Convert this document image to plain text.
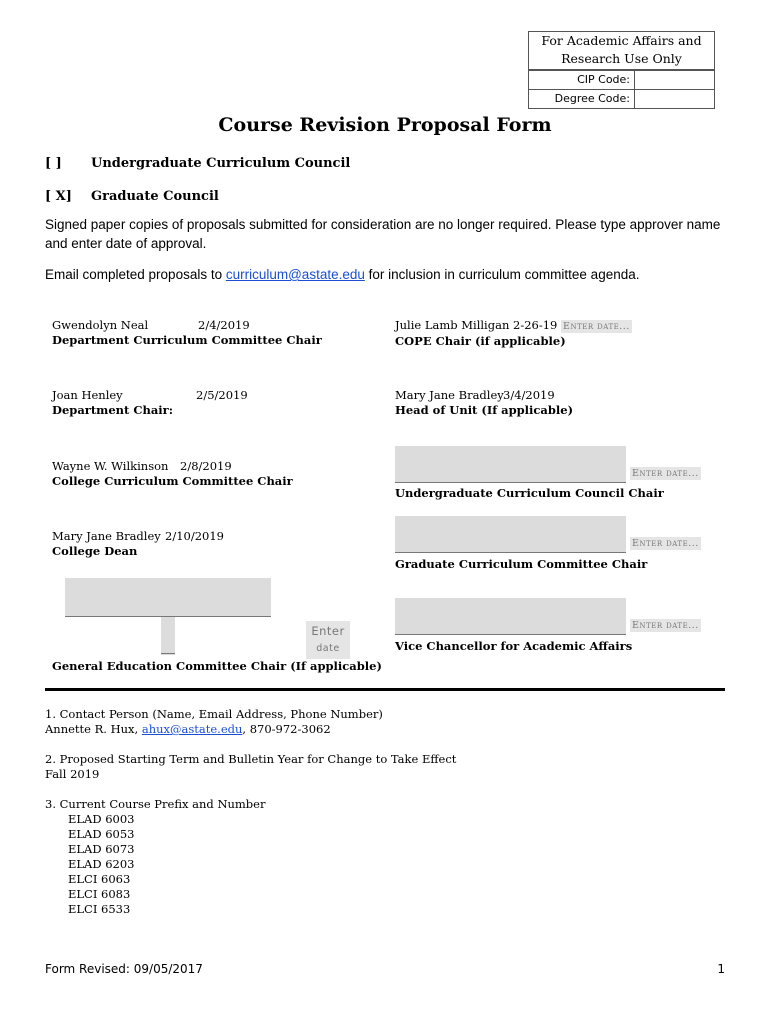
For Academic Affairs and
Research Use Only
CIP Code:
Degree Code:
Course Revision Proposal Form
[ ] Undergraduate Curriculum Council
[ X] Graduate Council
Signed paper copies of proposals submitted for consideration are no longer required. Please type approver name and enter date of approval.
Email completed proposals to curriculum@astate.edu for inclusion in curriculum committee agenda.
Gwendolyn Neal	2/4/2019
Department Curriculum Committee Chair
Joan Henley	2/5/2019
Department Chair:
Wayne W. Wilkinson 2/8/2019
College Curriculum Committee Chair
Mary Jane Bradley 2/10/2019
College Dean
Enter
date
General Education Committee Chair (If applicable)
Julie Lamb Milligan 2-26-19 Enter date...
COPE Chair (if applicable)
Mary Jane Bradley 3/4/2019
Head of Unit (If applicable)
Enter date...
Undergraduate Curriculum Council Chair
Enter date...
Graduate Curriculum Committee Chair
Enter date...
Vice Chancellor for Academic Affairs
1. Contact Person (Name, Email Address, Phone Number)
Annette R. Hux, ahux@astate.edu, 870-972-3062
2. Proposed Starting Term and Bulletin Year for Change to Take Effect
Fall 2019
3. Current Course Prefix and Number
ELAD 6003
ELAD 6053
ELAD 6073
ELAD 6203
ELCI 6063
ELCI 6083
ELCI 6533
Form Revised: 09/05/2017	1
